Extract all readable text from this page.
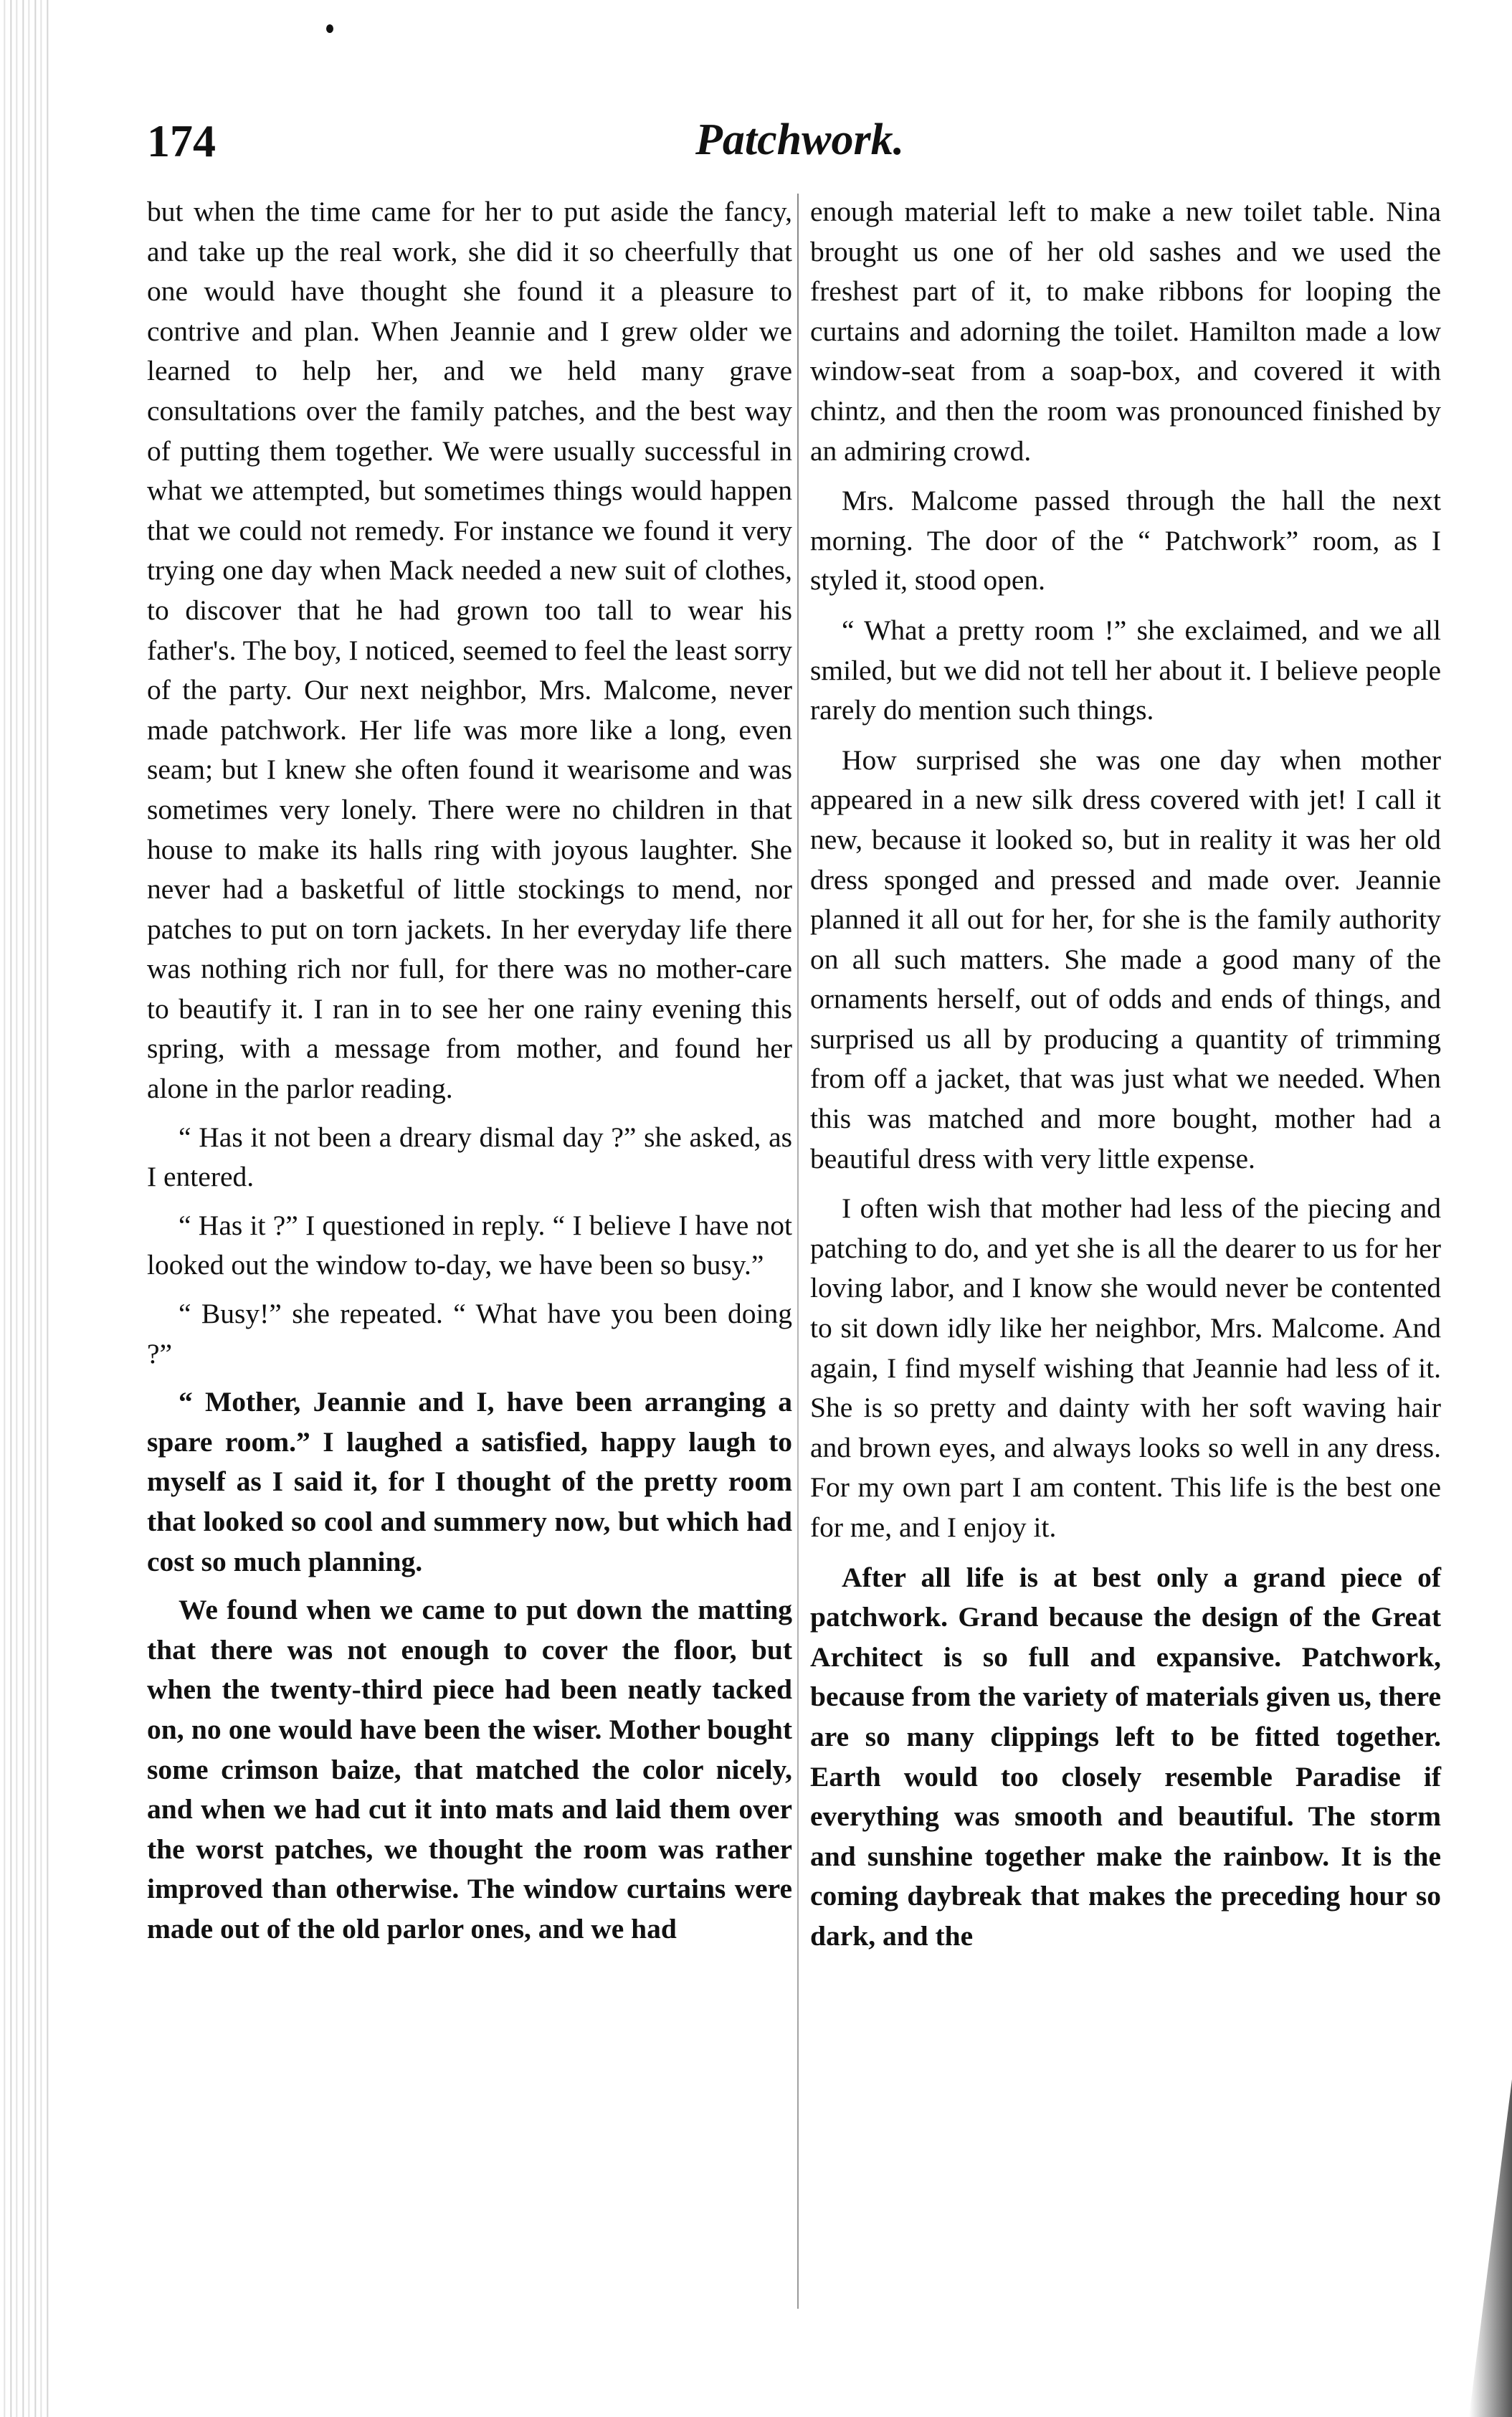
174	Patchwork.

but when the time came for her to put aside the fancy, and take up the real work, she did it so cheerfully that one would have thought she found it a pleasure to contrive and plan. When Jeannie and I grew older we learned to help her, and we held many grave consultations over the family patches, and the best way of putting them together. We were usually successful in what we attempted, but sometimes things would happen that we could not remedy. For instance we found it very trying one day when Mack needed a new suit of clothes, to discover that he had grown too tall to wear his father's. The boy, I noticed, seemed to feel the least sorry of the party. Our next neighbor, Mrs. Malcome, never made patchwork. Her life was more like a long, even seam; but I knew she often found it wearisome and was sometimes very lonely. There were no children in that house to make its halls ring with joyous laughter. She never had a basketful of little stockings to mend, nor patches to put on torn jackets. In her everyday life there was nothing rich nor full, for there was no mother-care to beautify it. I ran in to see her one rainy evening this spring, with a message from mother, and found her alone in the parlor reading.

“ Has it not been a dreary dismal day ?” she asked, as I entered.

“ Has it ?” I questioned in reply. “ I believe I have not looked out the window to-day, we have been so busy.”

“ Busy!” she repeated. “ What have you been doing ?”

“ Mother, Jeannie and I, have been arranging a spare room.” I laughed a satisfied, happy laugh to myself as I said it, for I thought of the pretty room that looked so cool and summery now, but which had cost so much planning.

We found when we came to put down the matting that there was not enough to cover the floor, but when the twenty-third piece had been neatly tacked on, no one would have been the wiser. Mother bought some crimson baize, that matched the color nicely, and when we had cut it into mats and laid them over the worst patches, we thought the room was rather improved than otherwise. The window curtains were made out of the old parlor ones, and we had

enough material left to make a new toilet table. Nina brought us one of her old sashes and we used the freshest part of it, to make ribbons for looping the curtains and adorning the toilet. Hamilton made a low window-seat from a soap-box, and covered it with chintz, and then the room was pronounced finished by an admiring crowd.

Mrs. Malcome passed through the hall the next morning. The door of the “ Patchwork” room, as I styled it, stood open.

“ What a pretty room !” she exclaimed, and we all smiled, but we did not tell her about it. I believe people rarely do mention such things.

How surprised she was one day when mother appeared in a new silk dress covered with jet! I call it new, because it looked so, but in reality it was her old dress sponged and pressed and made over. Jeannie planned it all out for her, for she is the family authority on all such matters. She made a good many of the ornaments herself, out of odds and ends of things, and surprised us all by producing a quantity of trimming from off a jacket, that was just what we needed. When this was matched and more bought, mother had a beautiful dress with very little expense.

I often wish that mother had less of the piecing and patching to do, and yet she is all the dearer to us for her loving labor, and I know she would never be contented to sit down idly like her neighbor, Mrs. Malcome. And again, I find myself wishing that Jeannie had less of it. She is so pretty and dainty with her soft waving hair and brown eyes, and always looks so well in any dress. For my own part I am content. This life is the best one for me, and I enjoy it.

After all life is at best only a grand piece of patchwork. Grand because the design of the Great Architect is so full and expansive. Patchwork, because from the variety of materials given us, there are so many clippings left to be fitted together. Earth would too closely resemble Paradise if everything was smooth and beautiful. The storm and sunshine together make the rainbow. It is the coming daybreak that makes the preceding hour so dark, and the
